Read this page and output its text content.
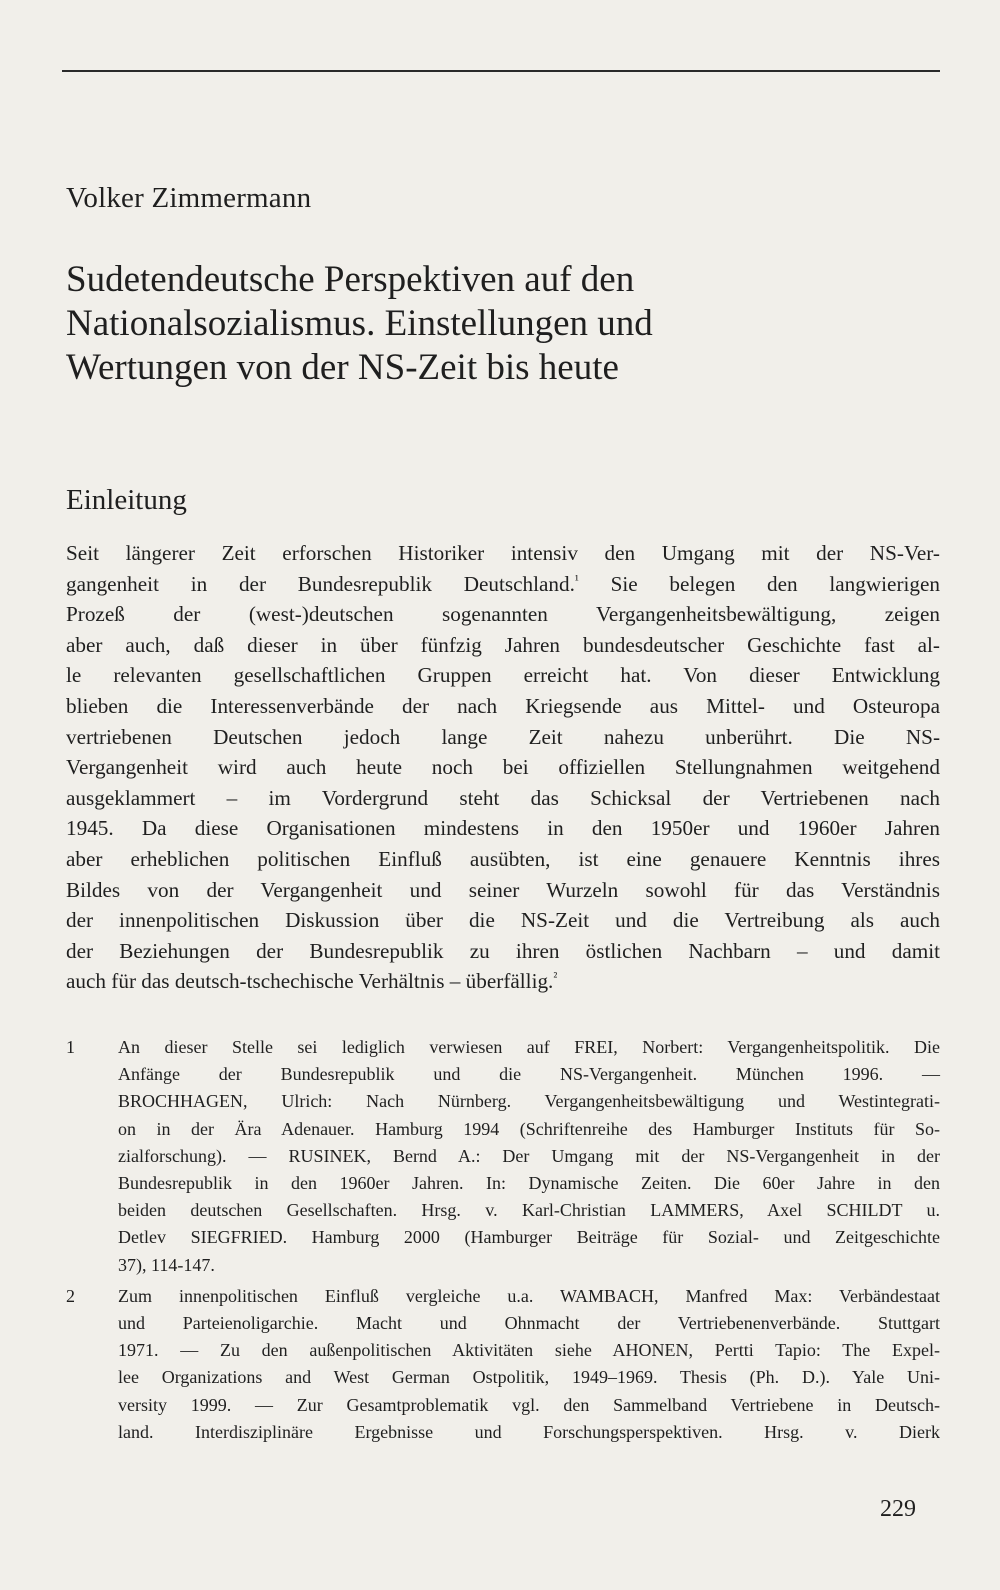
Volker Zimmermann
Sudetendeutsche Perspektiven auf den
Nationalsozialismus. Einstellungen und
Wertungen von der NS-Zeit bis heute
Einleitung
Seit längerer Zeit erforschen Historiker intensiv den Umgang mit der NS-Ver-
gangenheit in der Bundesrepublik Deutschland.$^{^1}$ Sie belegen den langwierigen
Prozeß der (west-)deutschen sogenannten Vergangenheitsbewältigung, zeigen
aber auch, daß dieser in über fünfzig Jahren bundesdeutscher Geschichte fast al-
le relevanten gesellschaftlichen Gruppen erreicht hat. Von dieser Entwicklung
blieben die Interessenverbände der nach Kriegsende aus Mittel- und Osteuropa
vertriebenen Deutschen jedoch lange Zeit nahezu unberührt. Die NS-
Vergangenheit wird auch heute noch bei offiziellen Stellungnahmen weitgehend
ausgeklammert – im Vordergrund steht das Schicksal der Vertriebenen nach
1945. Da diese Organisationen mindestens in den 1950er und 1960er Jahren
aber erheblichen politischen Einfluß ausübten, ist eine genauere Kenntnis ihres
Bildes von der Vergangenheit und seiner Wurzeln sowohl für das Verständnis
der innenpolitischen Diskussion über die NS-Zeit und die Vertreibung als auch
der Beziehungen der Bundesrepublik zu ihren östlichen Nachbarn – und damit
auch für das deutsch-tschechische Verhältnis – überfällig.$^{^2}$
1 An dieser Stelle sei lediglich verwiesen auf FREI, Norbert: Vergangenheitspolitik. Die
Anfänge der Bundesrepublik und die NS-Vergangenheit. München 1996. —
BROCHHAGEN, Ulrich: Nach Nürnberg. Vergangenheitsbewältigung und Westintegrati-
on in der Ära Adenauer. Hamburg 1994 (Schriftenreihe des Hamburger Instituts für So-
zialforschung). — RUSINEK, Bernd A.: Der Umgang mit der NS-Vergangenheit in der
Bundesrepublik in den 1960er Jahren. In: Dynamische Zeiten. Die 60er Jahre in den
beiden deutschen Gesellschaften. Hrsg. v. Karl-Christian LAMMERS, Axel SCHILDT u.
Detlev SIEGFRIED. Hamburg 2000 (Hamburger Beiträge für Sozial- und Zeitgeschichte
37), 114-147.
2 Zum innenpolitischen Einfluß vergleiche u.a. WAMBACH, Manfred Max: Verbändestaat
und Parteienoligarchie. Macht und Ohnmacht der Vertriebenenverbände. Stuttgart
1971. — Zu den außenpolitischen Aktivitäten siehe AHONEN, Pertti Tapio: The Expel-
lee Organizations and West German Ostpolitik, 1949–1969. Thesis (Ph. D.). Yale Uni-
versity 1999. — Zur Gesamtproblematik vgl. den Sammelband Vertriebene in Deutsch-
land. Interdisziplinäre Ergebnisse und Forschungsperspektiven. Hrsg. v. Dierk
229
